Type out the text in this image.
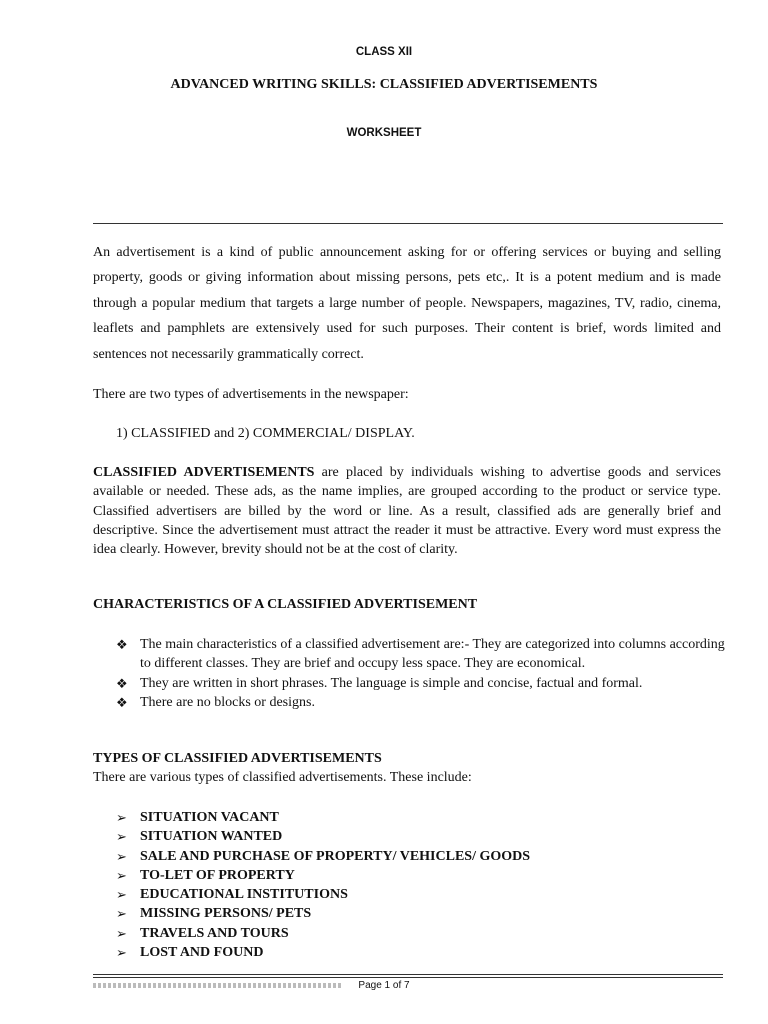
CLASS XII
ADVANCED WRITING SKILLS: CLASSIFIED ADVERTISEMENTS
WORKSHEET

An advertisement is a kind of public announcement asking for or offering services or buying and selling property, goods or giving information about missing persons, pets etc,. It is a potent medium and is made through a popular medium that targets a large number of people. Newspapers, magazines, TV, radio, cinema, leaflets and pamphlets are extensively used for such purposes. Their content is brief, words limited and sentences not necessarily grammatically correct.

There are two types of advertisements in the newspaper:
1) CLASSIFIED and 2) COMMERCIAL/ DISPLAY.

CLASSIFIED ADVERTISEMENTS are placed by individuals wishing to advertise goods and services available or needed. These ads, as the name implies, are grouped according to the product or service type. Classified advertisers are billed by the word or line. As a result, classified ads are generally brief and descriptive. Since the advertisement must attract the reader it must be attractive. Every word must express the idea clearly. However, brevity should not be at the cost of clarity.

CHARACTERISTICS OF A CLASSIFIED ADVERTISEMENT
❖ The main characteristics of a classified advertisement are:- They are categorized into columns according to different classes. They are brief and occupy less space. They are economical.
❖ They are written in short phrases. The language is simple and concise, factual and formal.
❖ There are no blocks or designs.
TYPES OF CLASSIFIED ADVERTISEMENTS
There are various types of classified advertisements. These include:
➢ SITUATION VACANT
➢ SITUATION WANTED
➢ SALE AND PURCHASE OF PROPERTY/ VEHICLES/ GOODS
➢ TO-LET OF PROPERTY
➢ EDUCATIONAL INSTITUTIONS
➢ MISSING PERSONS/ PETS
➢ TRAVELS AND TOURS
➢ LOST AND FOUND
Page 1 of 7
